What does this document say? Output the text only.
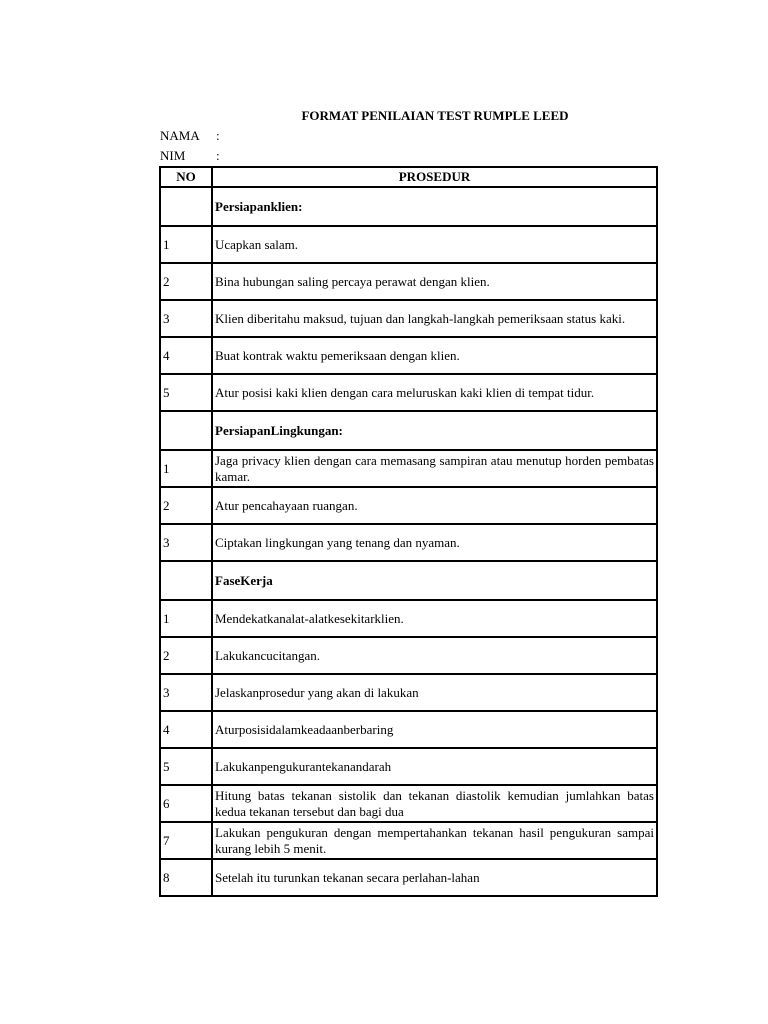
FORMAT PENILAIAN TEST RUMPLE LEED
NAMA :
NIM :
NO	PROSEDUR
	Persiapanklien:
1	Ucapkan salam.
2	Bina hubungan saling percaya perawat dengan klien.
3	Klien diberitahu maksud, tujuan dan langkah-langkah pemeriksaan status kaki.
4	Buat kontrak waktu pemeriksaan dengan klien.
5	Atur posisi kaki klien dengan cara meluruskan kaki klien di tempat tidur.
	PersiapanLingkungan:
1	Jaga privacy klien dengan cara memasang sampiran atau menutup horden pembatas kamar.
2	Atur pencahayaan ruangan.
3	Ciptakan lingkungan yang tenang dan nyaman.
	FaseKerja
1	Mendekatkanalat-alatkesekitarklien.
2	Lakukancucitangan.
3	Jelaskanprosedur yang akan di lakukan
4	Aturposisidalamkeadaanberbaring
5	Lakukanpengukurantekanandarah
6	Hitung batas tekanan sistolik dan tekanan diastolik kemudian jumlahkan batas kedua tekanan tersebut dan bagi dua
7	Lakukan pengukuran dengan mempertahankan tekanan hasil pengukuran sampai kurang lebih 5 menit.
8	Setelah itu turunkan tekanan secara perlahan-lahan
